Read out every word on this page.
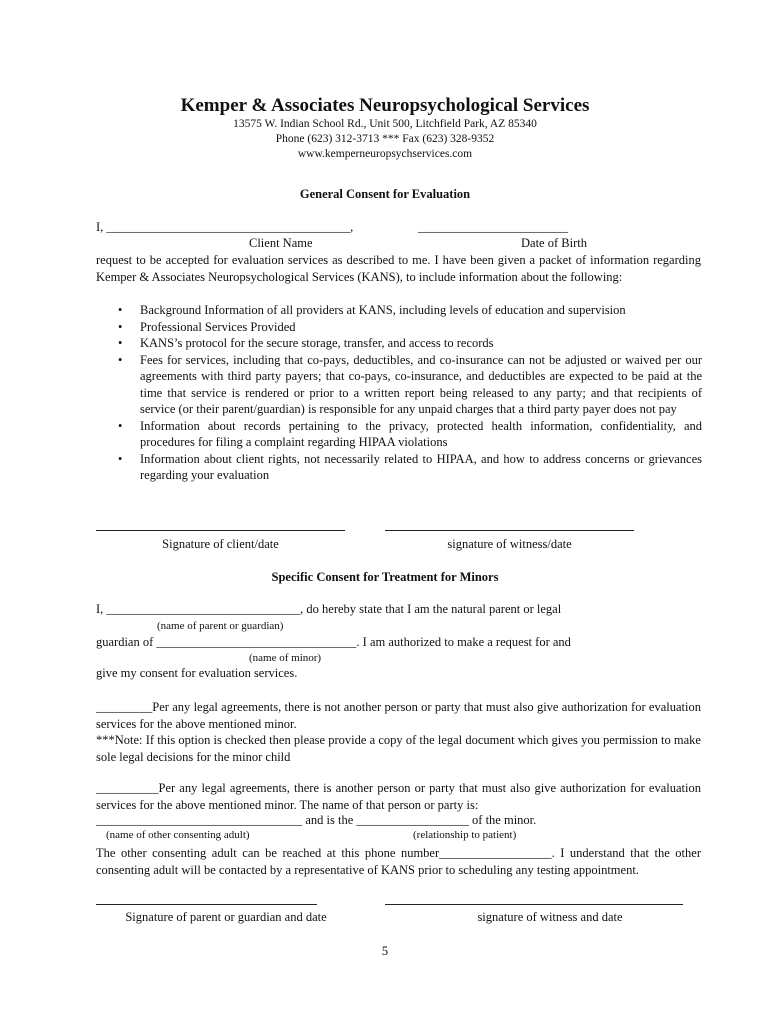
Kemper & Associates Neuropsychological Services
13575 W. Indian School Rd., Unit 500, Litchfield Park, AZ 85340
Phone (623) 312-3713 *** Fax (623) 328-9352
www.kemperneuropsychservices.com
General Consent for Evaluation
I, _______________________________________,	________________________
Client Name	Date of Birth
request to be accepted for evaluation services as described to me. I have been given a packet of information regarding Kemper & Associates Neuropsychological Services (KANS), to include information about the following:
• Background Information of all providers at KANS, including levels of education and supervision
• Professional Services Provided
• KANS’s protocol for the secure storage, transfer, and access to records
• Fees for services, including that co-pays, deductibles, and co-insurance can not be adjusted or waived per our agreements with third party payers; that co-pays, co-insurance, and deductibles are expected to be paid at the time that service is rendered or prior to a written report being released to any party; and that recipients of service (or their parent/guardian) is responsible for any unpaid charges that a third party payer does not pay
• Information about records pertaining to the privacy, protected health information, confidentiality, and procedures for filing a complaint regarding HIPAA violations
• Information about client rights, not necessarily related to HIPAA, and how to address concerns or grievances regarding your evaluation
Signature of client/date	signature of witness/date
Specific Consent for Treatment for Minors
I, _______________________________, do hereby state that I am the natural parent or legal
(name of parent or guardian)
guardian of ________________________________. I am authorized to make a request for and
(name of minor)
give my consent for evaluation services.
_________Per any legal agreements, there is not another person or party that must also give authorization for evaluation services for the above mentioned minor.
***Note: If this option is checked then please provide a copy of the legal document which gives you permission to make sole legal decisions for the minor child
__________Per any legal agreements, there is another person or party that must also give authorization for evaluation services for the above mentioned minor. The name of that person or party is:
_________________________________ and is the __________________ of the minor.
(name of other consenting adult)	(relationship to patient)
The other consenting adult can be reached at this phone number__________________. I understand that the other consenting adult will be contacted by a representative of KANS prior to scheduling any testing appointment.
Signature of parent or guardian and date	signature of witness and date
5
